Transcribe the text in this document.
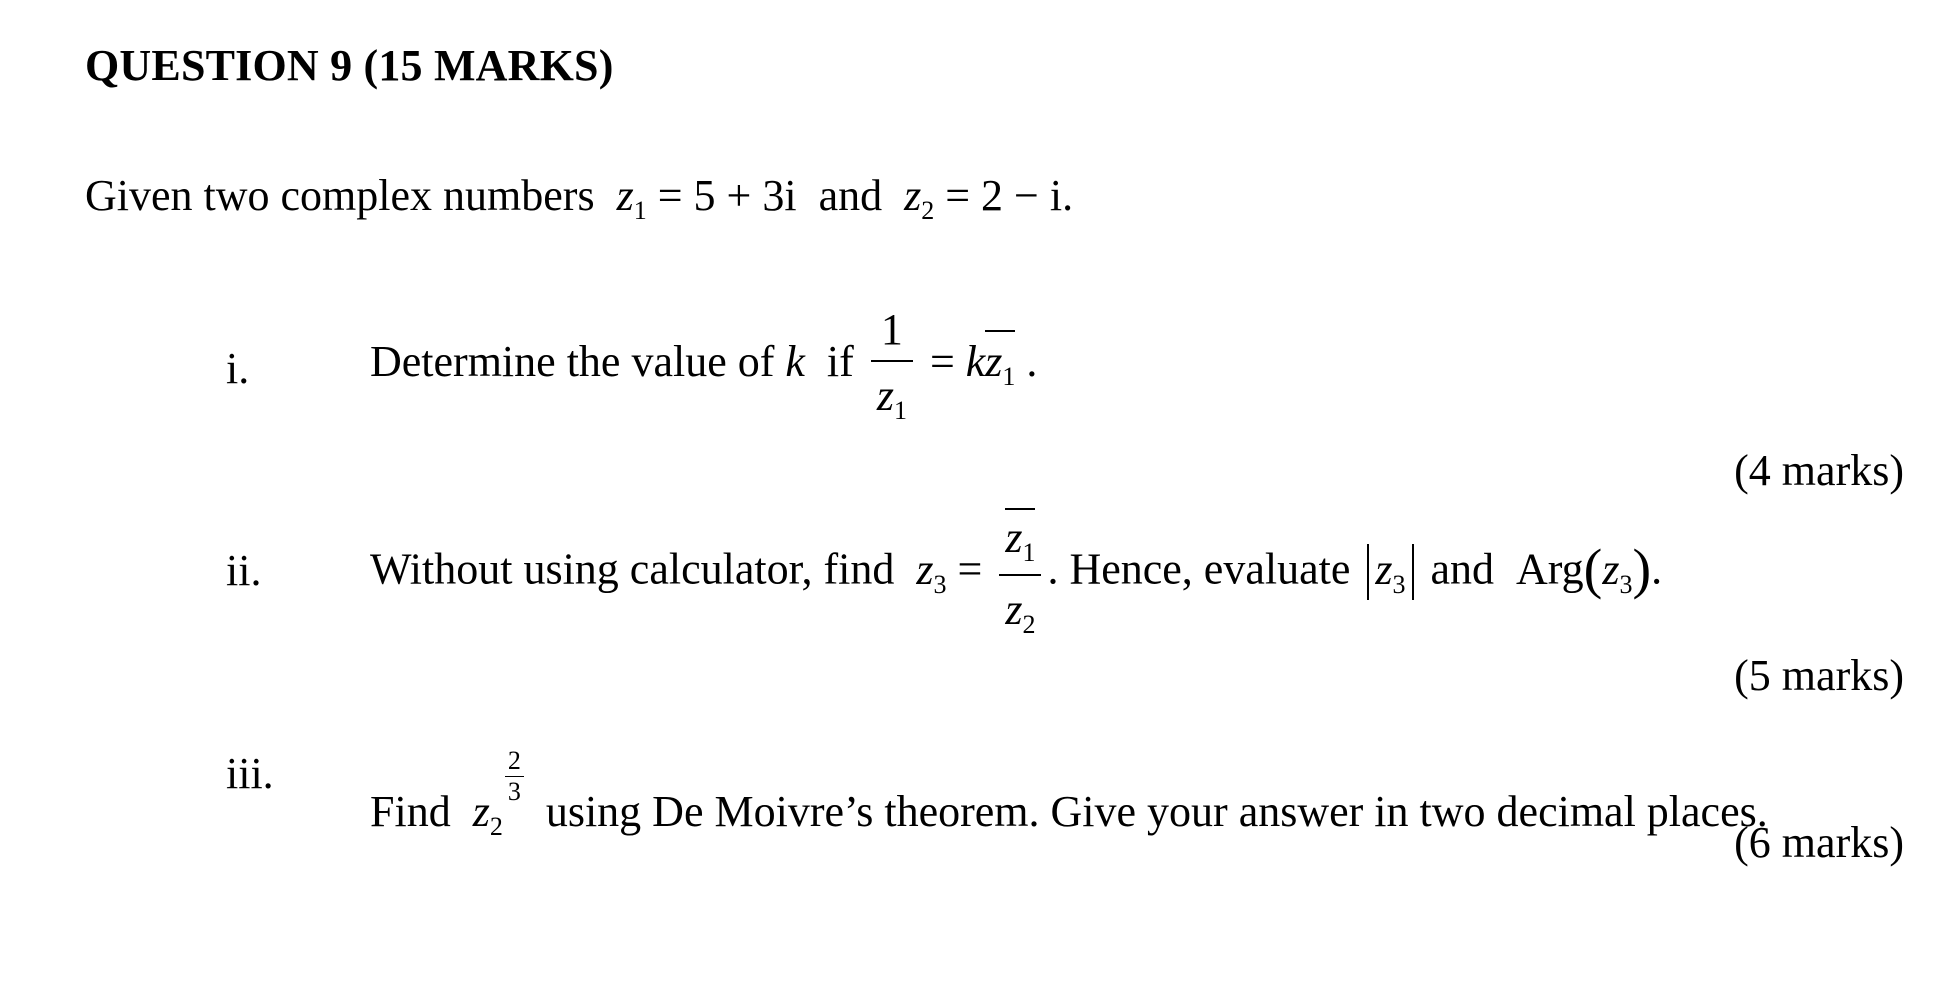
QUESTION 9 (15 MARKS)
Given two complex numbers $z_1 = 5 + 3i$ and $z_2 = 2 - i$.
i.	Determine the value of k if $\frac{1}{z_1} = kz_1$ .
(4 marks)
ii. Without using calculator, find $z_3 = \frac{z_1}{z_2}$ . Hence, evaluate $z_3$ and $Arg(z_3)$.
(5 marks)
iii.
Find $z_2$
$\frac{2}{3}$
using De Moivre’s theorem. Give your answer in two decimal places.
(6 marks)
